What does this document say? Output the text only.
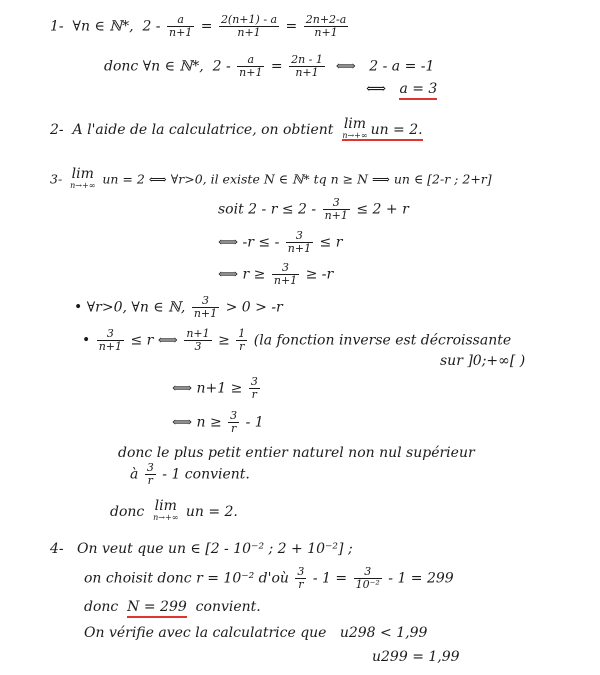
1- ∀n ∈ ℕ*, $2 - \frac{a}{n+1} = \frac{2(n+1) - a}{n+1} = \frac{2n+2-a}{n+1}$
donc ∀n ∈ ℕ*, $2 - \frac{a}{n+1} = \frac{2n - 1}{n+1}$ ⟺ 2 - a = -1
⟺ a = 3
2- A l'aide de la calculatrice, on obtient lim
n→+∞ un = 2.
3- lim
n→+∞ un = 2 ⟺ ∀r>0, il existe N ∈ ℕ* tq n ≥ N ⟹ un ∈ [2-r ; 2+r]
soit $2 - r \le 2 - \frac{3}{n+1} \le 2 + r$
⟺ -r ≤ - $\frac{3}{n+1} \le r$
⟺ $r \ge \frac{3}{n+1} \ge -r$
• ∀r>0, ∀n ∈ ℕ, $\frac{3}{n+1} > 0 > -r$
• $\frac{3}{n+1} \le r$ ⟺ $\frac{n+1}{3} \ge \frac{1}{r} (la$ fonction inverse est décroissante
sur ]0;+∞[ )
⟺ $n+1 \ge \frac{3}{r}$
⟺ $n \ge \frac{3}{r} - 1$
donc le plus petit entier naturel non nul supérieur
à $\frac{3}{r} - 1$ convient.
donc lim
n→+∞ un = 2.
4- On veut que un ∈ [2 - 10⁻² ; 2 + 10⁻²] ;
on choisit donc r = 10⁻² d'où $\frac{3}{r} - 1 = \frac{3}{\text{10⁻²}} - 1 = 299$
donc N = 299 convient.
On vérifie avec la calculatrice que u298 < 1,99
u299 = 1,99
